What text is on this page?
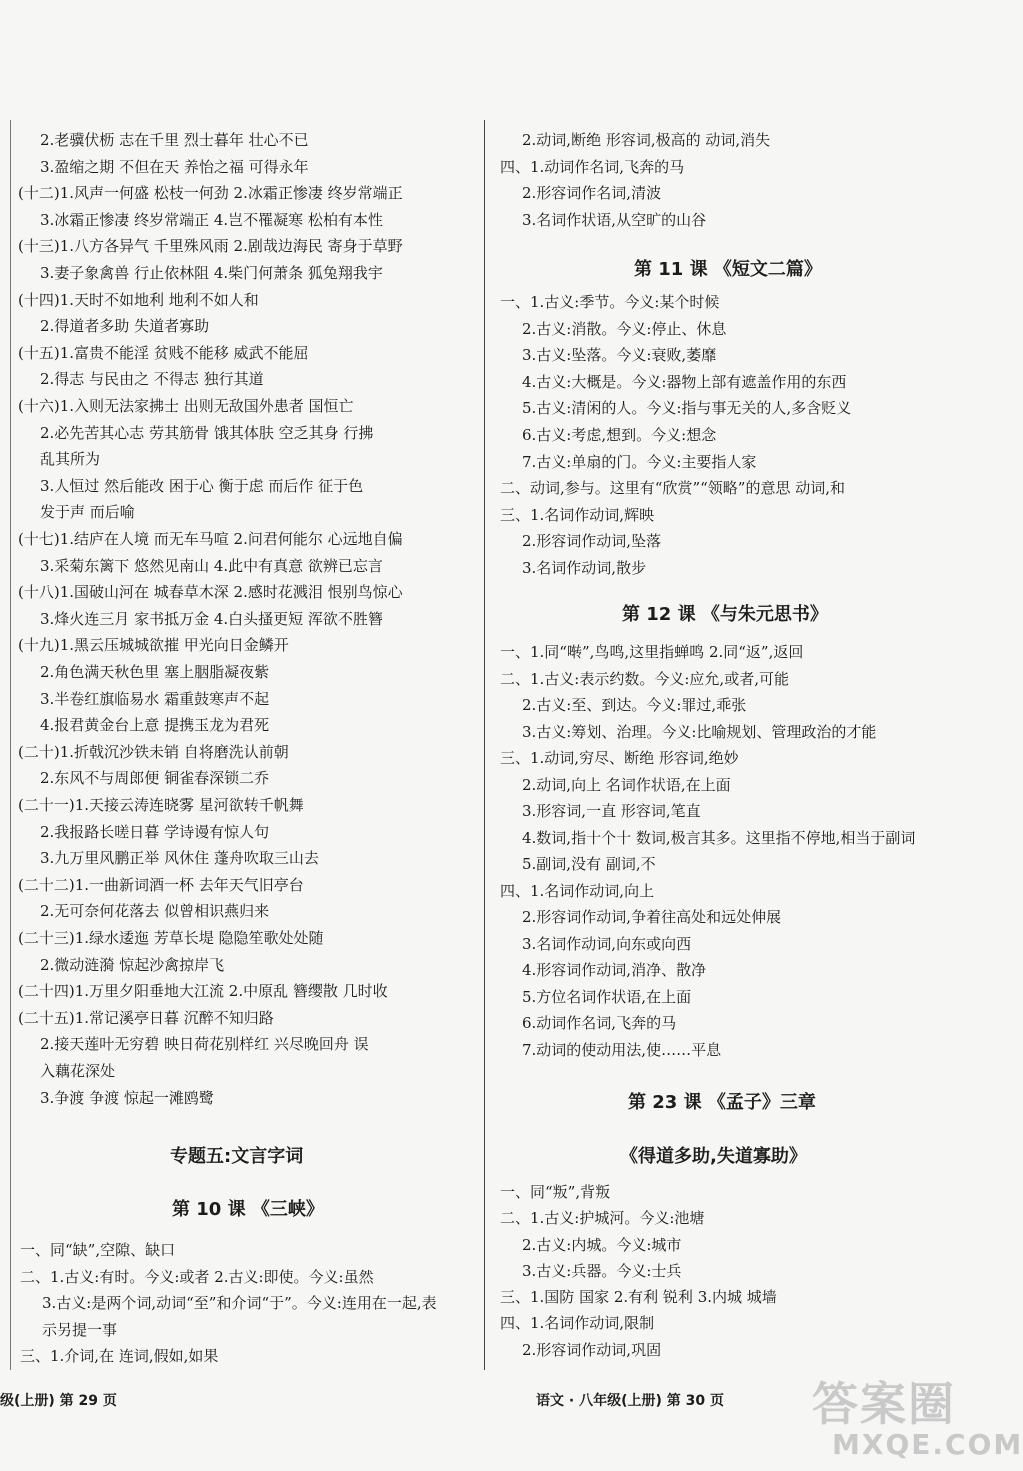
2.老骥伏枥 志在千里 烈士暮年 壮心不已
3.盈缩之期 不但在天 养怡之福 可得永年
(十二)1.风声一何盛 松枝一何劲 2.冰霜正惨凄 终岁常端正
3.冰霜正惨凄 终岁常端正 4.岂不罹凝寒 松柏有本性
(十三)1.八方各异气 千里殊风雨 2.剧哉边海民 寄身于草野
3.妻子象禽兽 行止依林阻 4.柴门何萧条 狐兔翔我宇
(十四)1.天时不如地利 地利不如人和
2.得道者多助 失道者寡助
(十五)1.富贵不能淫 贫贱不能移 威武不能屈
2.得志 与民由之 不得志 独行其道
(十六)1.入则无法家拂士 出则无敌国外患者 国恒亡
2.必先苦其心志 劳其筋骨 饿其体肤 空乏其身 行拂
乱其所为
3.人恒过 然后能改 困于心 衡于虑 而后作 征于色
发于声 而后喻
(十七)1.结庐在人境 而无车马喧 2.问君何能尔 心远地自偏
3.采菊东篱下 悠然见南山 4.此中有真意 欲辨已忘言
(十八)1.国破山河在 城春草木深 2.感时花溅泪 恨别鸟惊心
3.烽火连三月 家书抵万金 4.白头搔更短 浑欲不胜簪
(十九)1.黑云压城城欲摧 甲光向日金鳞开
2.角色满天秋色里 塞上胭脂凝夜紫
3.半卷红旗临易水 霜重鼓寒声不起
4.报君黄金台上意 提携玉龙为君死
(二十)1.折戟沉沙铁未销 自将磨洗认前朝
2.东风不与周郎便 铜雀春深锁二乔
(二十一)1.天接云涛连晓雾 星河欲转千帆舞
2.我报路长嗟日暮 学诗谩有惊人句
3.九万里风鹏正举 风休住 蓬舟吹取三山去
(二十二)1.一曲新词酒一杯 去年天气旧亭台
2.无可奈何花落去 似曾相识燕归来
(二十三)1.绿水逶迤 芳草长堤 隐隐笙歌处处随
2.微动涟漪 惊起沙禽掠岸飞
(二十四)1.万里夕阳垂地大江流 2.中原乱 簪缨散 几时收
(二十五)1.常记溪亭日暮 沉醉不知归路
2.接天莲叶无穷碧 映日荷花别样红 兴尽晚回舟 误
入藕花深处
3.争渡 争渡 惊起一滩鸥鹭
专题五:文言字词
第 10 课 《三峡》
一、同“缺”,空隙、缺口
二、1.古义:有时。今义:或者 2.古义:即使。今义:虽然
3.古义:是两个词,动词“至”和介词“于”。今义:连用在一起,表
示另提一事
三、1.介词,在 连词,假如,如果
2.动词,断绝 形容词,极高的 动词,消失
四、1.动词作名词,飞奔的马
2.形容词作名词,清波
3.名词作状语,从空旷的山谷
第 11 课 《短文二篇》
一、1.古义:季节。今义:某个时候
2.古义:消散。今义:停止、休息
3.古义:坠落。今义:衰败,萎靡
4.古义:大概是。今义:器物上部有遮盖作用的东西
5.古义:清闲的人。今义:指与事无关的人,多含贬义
6.古义:考虑,想到。今义:想念
7.古义:单扇的门。今义:主要指人家
二、动词,参与。这里有“欣赏”“领略”的意思 动词,和
三、1.名词作动词,辉映
2.形容词作动词,坠落
3.名词作动词,散步
第 12 课 《与朱元思书》
一、1.同“啭”,鸟鸣,这里指蝉鸣 2.同“返”,返回
二、1.古义:表示约数。今义:应允,或者,可能
2.古义:至、到达。今义:罪过,乖张
3.古义:筹划、治理。今义:比喻规划、管理政治的才能
三、1.动词,穷尽、断绝 形容词,绝妙
2.动词,向上 名词作状语,在上面
3.形容词,一直 形容词,笔直
4.数词,指十个十 数词,极言其多。这里指不停地,相当于副词
5.副词,没有 副词,不
四、1.名词作动词,向上
2.形容词作动词,争着往高处和远处伸展
3.名词作动词,向东或向西
4.形容词作动词,消净、散净
5.方位名词作状语,在上面
6.动词作名词,飞奔的马
7.动词的使动用法,使……平息
第 23 课 《孟子》三章
《得道多助,失道寡助》
一、同“叛”,背叛
二、1.古义:护城河。今义:池塘
2.古义:内城。今义:城市
3.古义:兵器。今义:士兵
三、1.国防 国家 2.有利 锐利 3.内城 城墙
四、1.名词作动词,限制
2.形容词作动词,巩固
级(上册) 第 29 页	语文 · 八年级(上册) 第 30 页 答案圈
MXQE.COM
